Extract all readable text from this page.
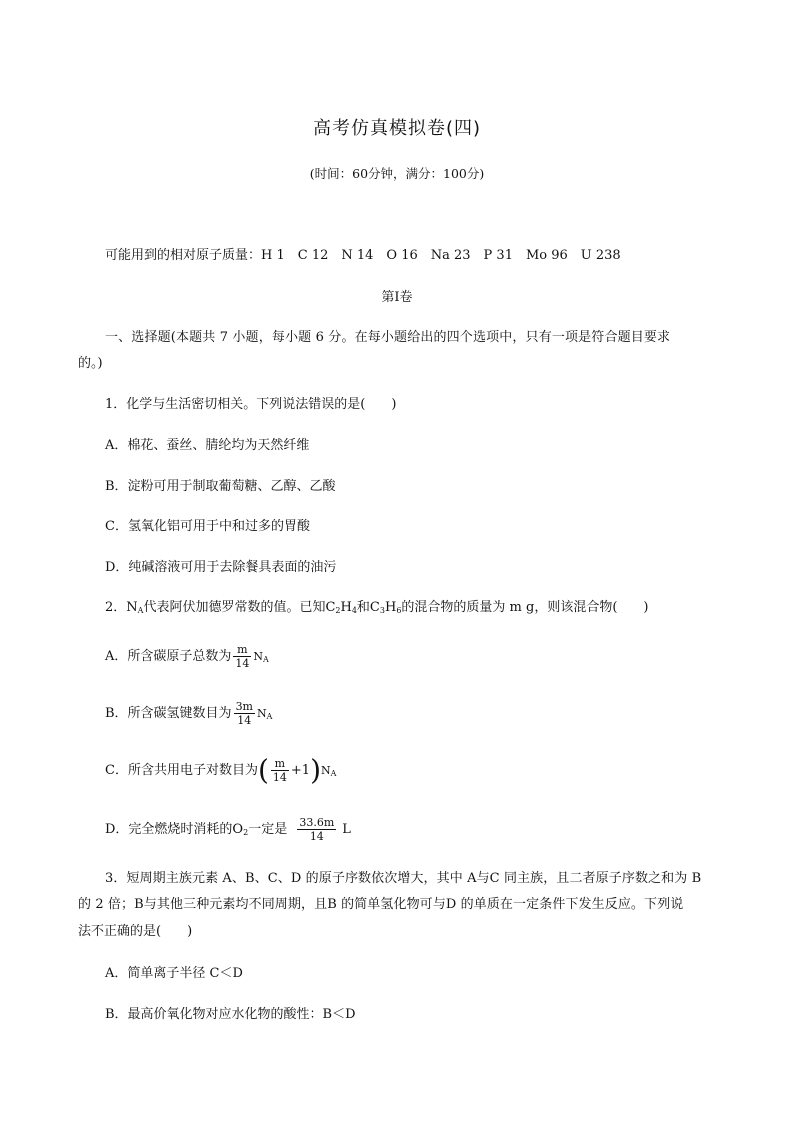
高考仿真模拟卷(四)
(时间：60分钟，满分：100分)
可能用到的相对原子质量：H 1　C 12　N 14　O 16　Na 23　P 31　Mo 96　U 238
第Ⅰ卷
一、选择题(本题共 7 小题，每小题 6 分。在每小题给出的四个选项中，只有一项是符合题目要求
的。)
1．化学与生活密切相关。下列说法错误的是(　　)
A．棉花、蚕丝、腈纶均为天然纤维
B．淀粉可用于制取葡萄糖、乙醇、乙酸
C．氢氧化铝可用于中和过多的胃酸
D．纯碱溶液可用于去除餐具表面的油污
2．$N_A$代表阿伏加德罗常数的值。已知$C_2H_4$和$C_3H_6$的混合物的质量为 m g，则该混合物(　　)
A．所含碳原子总数为 $\frac{m}{14} N_A$
B．所含碳氢键数目为 $\frac{3m}{14} N_A$
C．所含共用电子对数目为( $\frac{m}{14} +1)N_A$
D．完全燃烧时消耗的$O_2$一定是 $\frac{33.6m}{14}$ L
3．短周期主族元素 A、B、C、D 的原子序数依次增大，其中 A与C 同主族，且二者原子序数之和为 B
的 2 倍；B与其他三种元素均不同周期，且B 的简单氢化物可与D 的单质在一定条件下发生反应。下列说
法不正确的是(　　)
A．简单离子半径 C＜D
B．最高价氧化物对应水化物的酸性：B＜D
